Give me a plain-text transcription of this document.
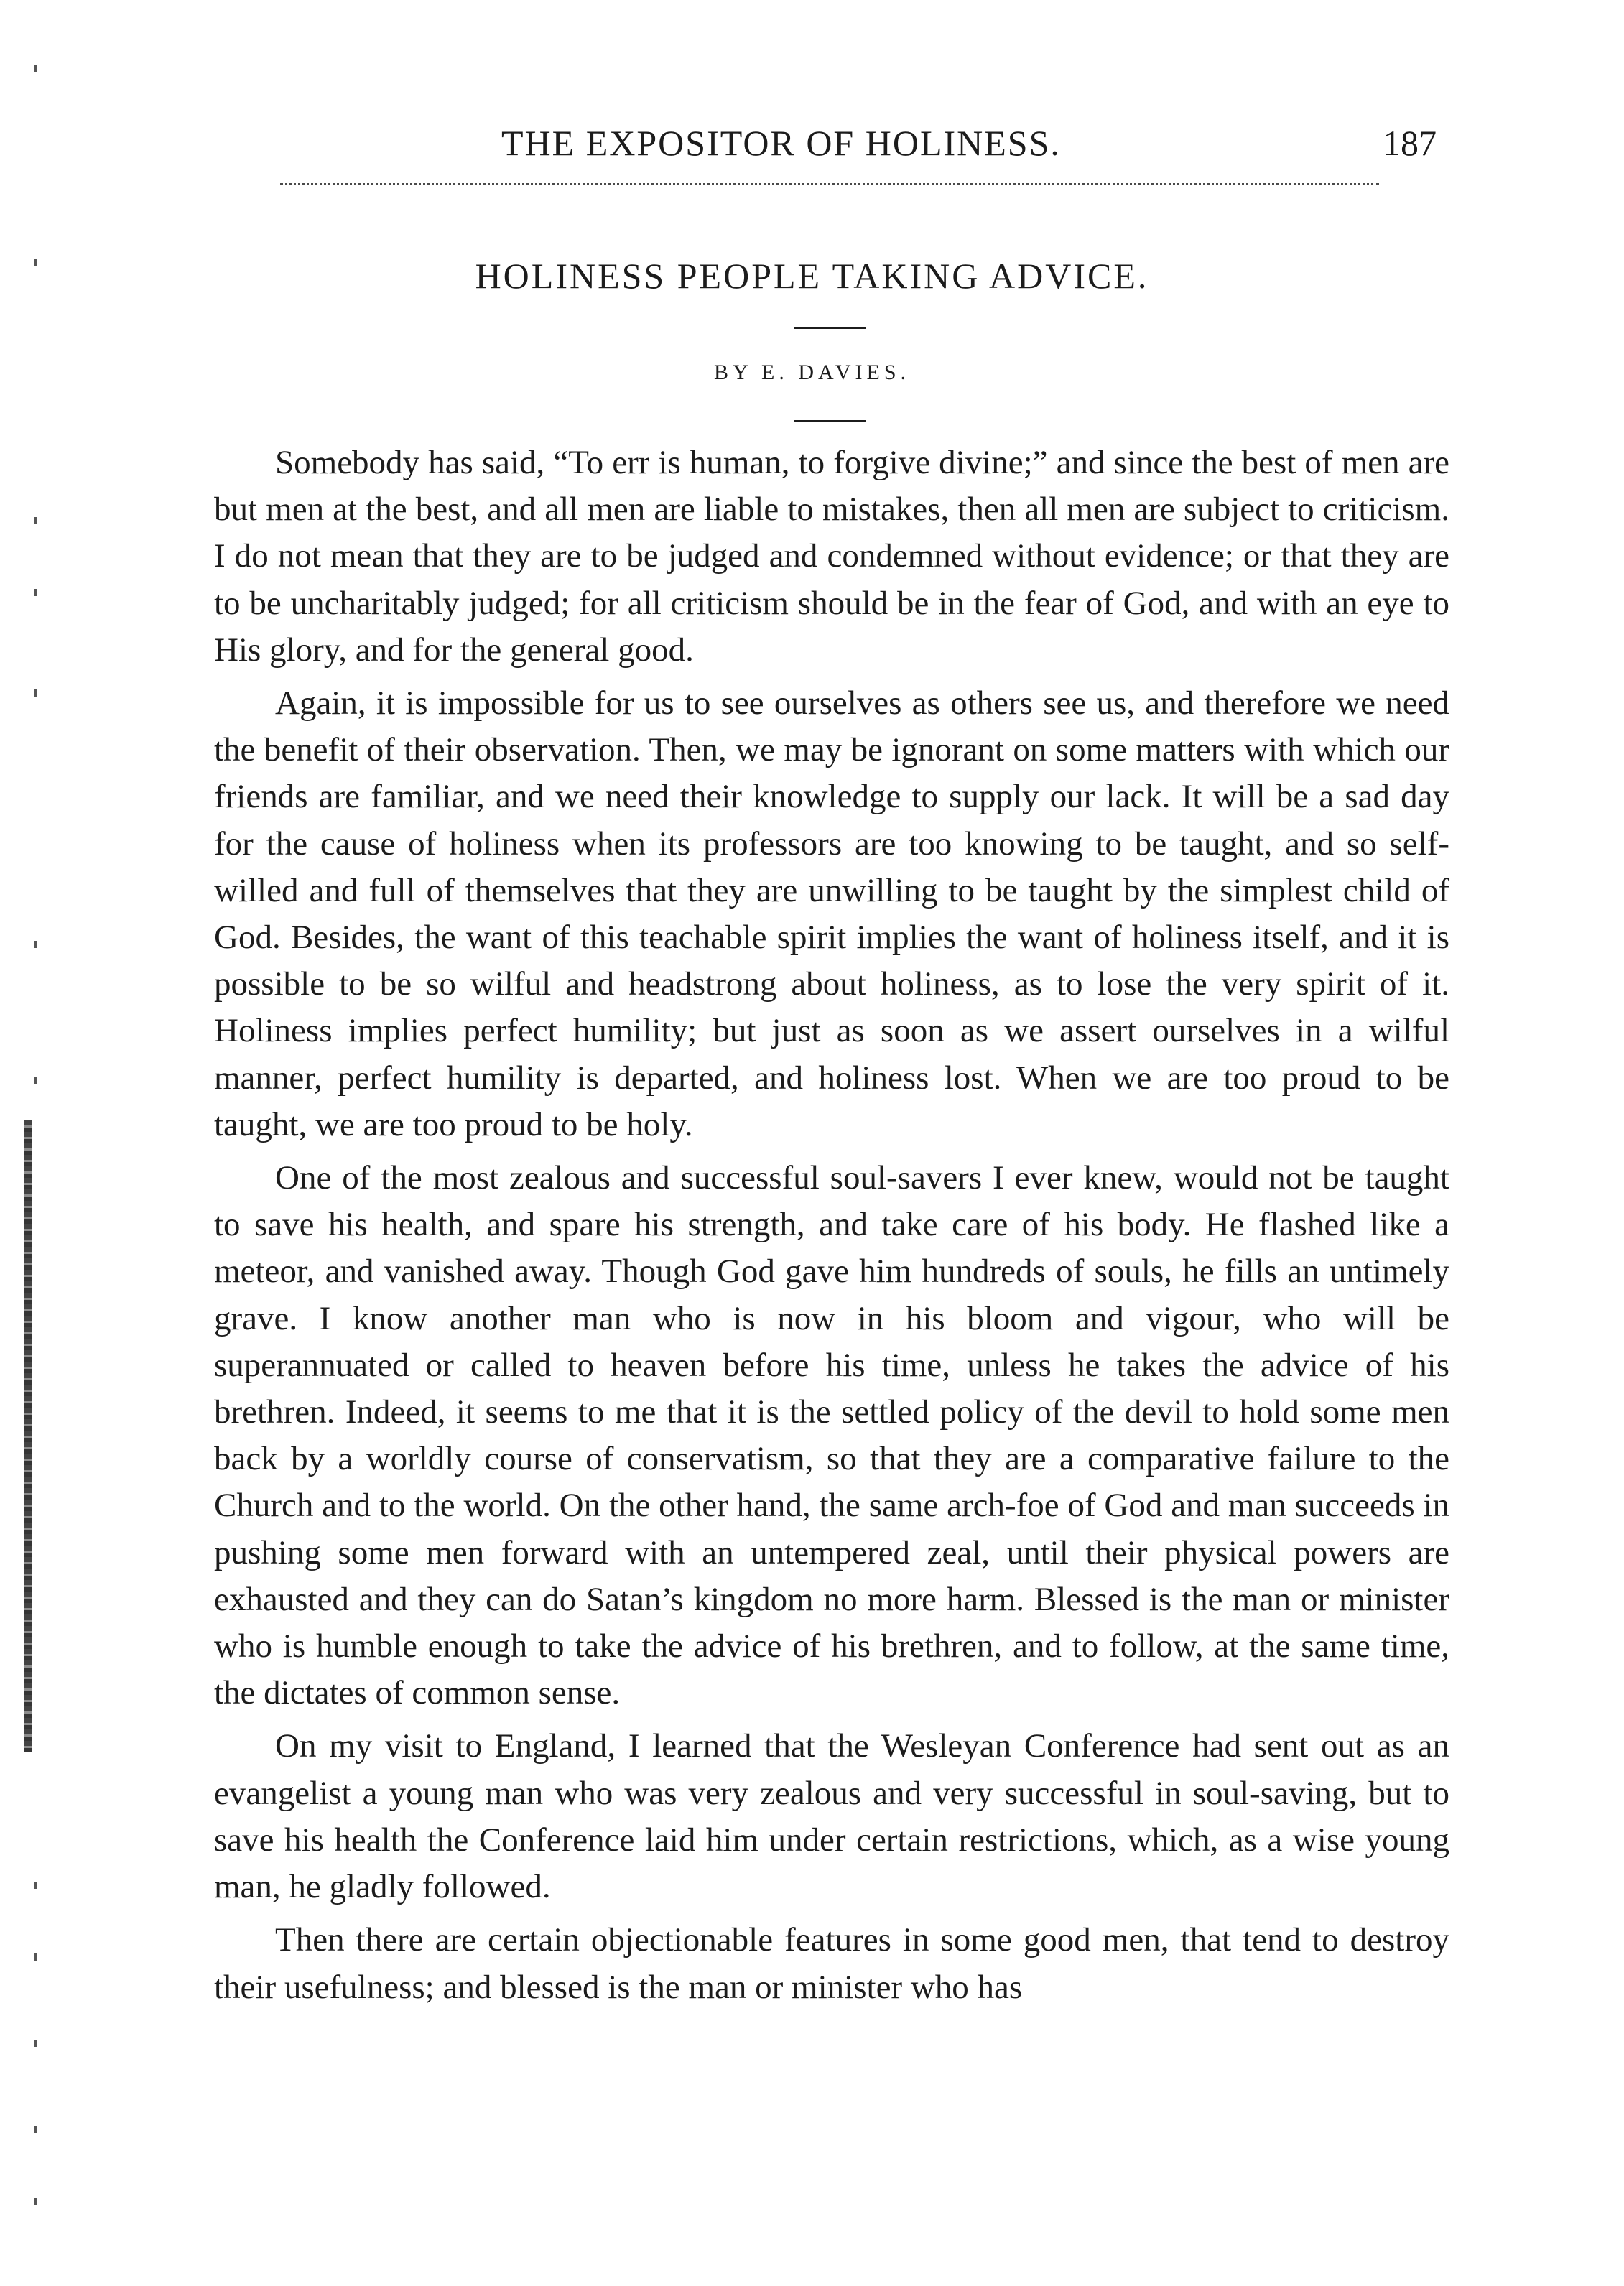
THE EXPOSITOR OF HOLINESS.	187
HOLINESS PEOPLE TAKING ADVICE.
BY E. DAVIES.

Somebody has said, “To err is human, to forgive divine;” and since the best of men are but men at the best, and all men are liable to mistakes, then all men are subject to criticism. I do not mean that they are to be judged and condemned without evidence; or that they are to be uncharitably judged; for all criticism should be in the fear of God, and with an eye to His glory, and for the general good.

Again, it is impossible for us to see ourselves as others see us, and therefore we need the benefit of their observation. Then, we may be ignorant on some matters with which our friends are familiar, and we need their knowledge to supply our lack. It will be a sad day for the cause of holiness when its professors are too knowing to be taught, and so self-willed and full of themselves that they are unwilling to be taught by the simplest child of God. Besides, the want of this teachable spirit implies the want of holiness itself, and it is possible to be so wilful and headstrong about holiness, as to lose the very spirit of it. Holiness implies perfect humility; but just as soon as we assert ourselves in a wilful manner, perfect humility is departed, and holiness lost. When we are too proud to be taught, we are too proud to be holy.

One of the most zealous and successful soul-savers I ever knew, would not be taught to save his health, and spare his strength, and take care of his body. He flashed like a meteor, and vanished away. Though God gave him hundreds of souls, he fills an untimely grave. I know another man who is now in his bloom and vigour, who will be superannuated or called to heaven before his time, unless he takes the advice of his brethren. Indeed, it seems to me that it is the settled policy of the devil to hold some men back by a worldly course of conservatism, so that they are a comparative failure to the Church and to the world. On the other hand, the same arch-foe of God and man succeeds in pushing some men forward with an untempered zeal, until their physical powers are exhausted and they can do Satan’s kingdom no more harm. Blessed is the man or minister who is humble enough to take the advice of his brethren, and to follow, at the same time, the dictates of common sense.

On my visit to England, I learned that the Wesleyan Conference had sent out as an evangelist a young man who was very zealous and very successful in soul-saving, but to save his health the Conference laid him under certain restrictions, which, as a wise young man, he gladly followed.

Then there are certain objectionable features in some good men, that tend to destroy their usefulness; and blessed is the man or minister who has
